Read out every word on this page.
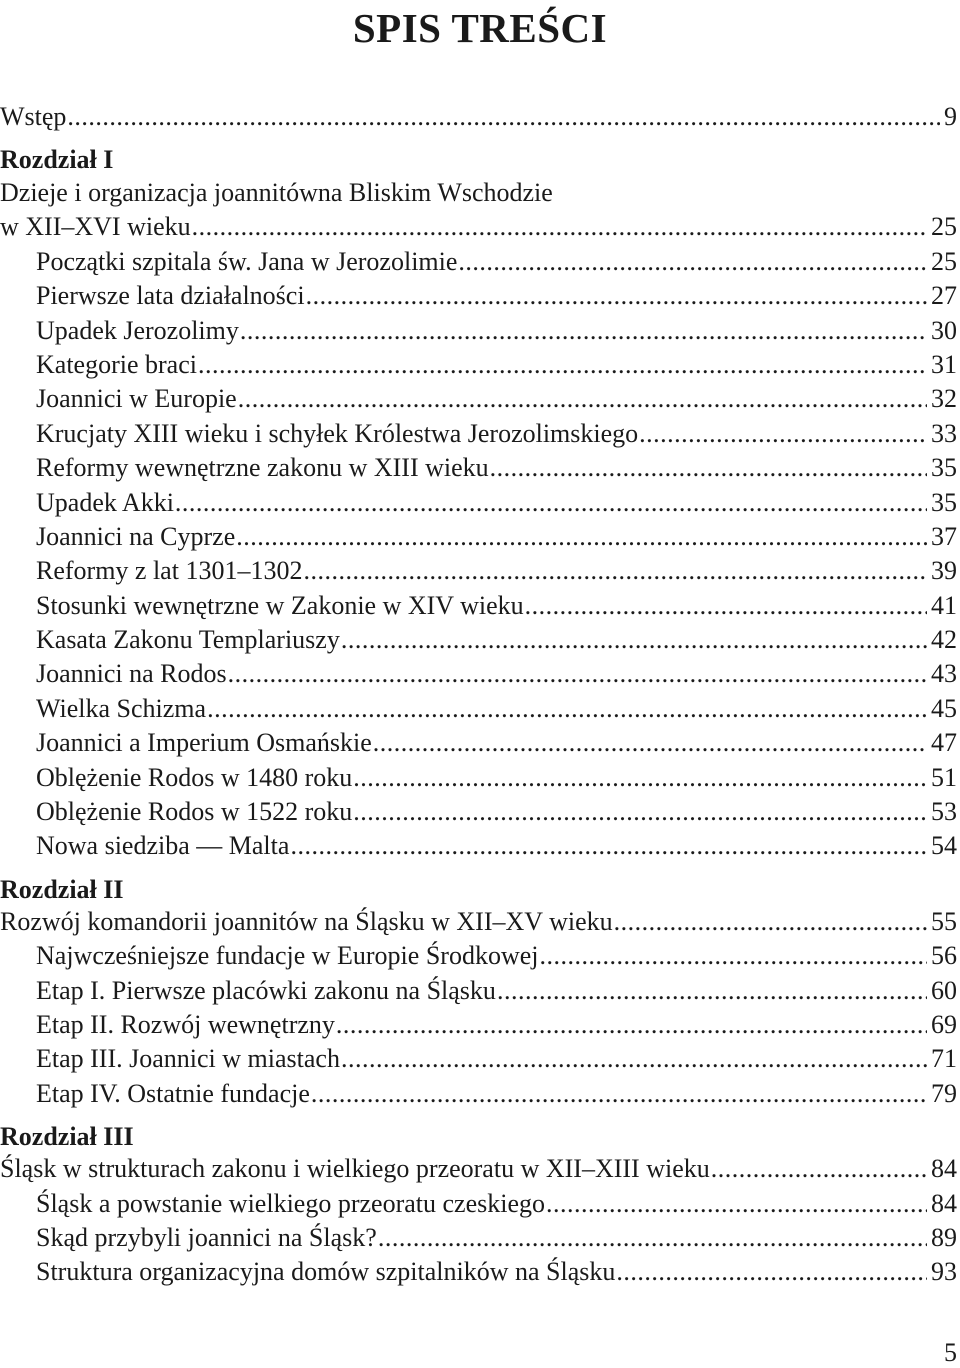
SPIS TREŚCI
Wstęp .....	9
Rozdział I
Dzieje i organizacja joannitówna Bliskim Wschodzie
w XII–XVI wieku .....	25
Początki szpitala św. Jana w Jerozolimie .....	25
Pierwsze lata działalności .....	27
Upadek Jerozolimy .....	30
Kategorie braci .....	31
Joannici w Europie .....	32
Krucjaty XIII wieku i schyłek Królestwa Jerozolimskiego .....	33
Reformy wewnętrzne zakonu w XIII wieku .....	35
Upadek Akki .....	35
Joannici na Cyprze .....	37
Reformy z lat 1301–1302 .....	39
Stosunki wewnętrzne w Zakonie w XIV wieku .....	41
Kasata Zakonu Templariuszy .....	42
Joannici na Rodos .....	43
Wielka Schizma .....	45
Joannici a Imperium Osmańskie .....	47
Oblężenie Rodos w 1480 roku .....	51
Oblężenie Rodos w 1522 roku .....	53
Nowa siedziba — Malta .....	54
Rozdział II
Rozwój komandorii joannitów na Śląsku w XII–XV wieku .....	55
Najwcześniejsze fundacje w Europie Środkowej .....	56
Etap I. Pierwsze placówki zakonu na Śląsku .....	60
Etap II. Rozwój wewnętrzny .....	69
Etap III. Joannici w miastach .....	71
Etap IV. Ostatnie fundacje .....	79
Rozdział III
Śląsk w strukturach zakonu i wielkiego przeoratu w XII–XIII wieku .....	84
Śląsk a powstanie wielkiego przeoratu czeskiego .....	84
Skąd przybyli joannici na Śląsk? .....	89
Struktura organizacyjna domów szpitalników na Śląsku .....	93
5
